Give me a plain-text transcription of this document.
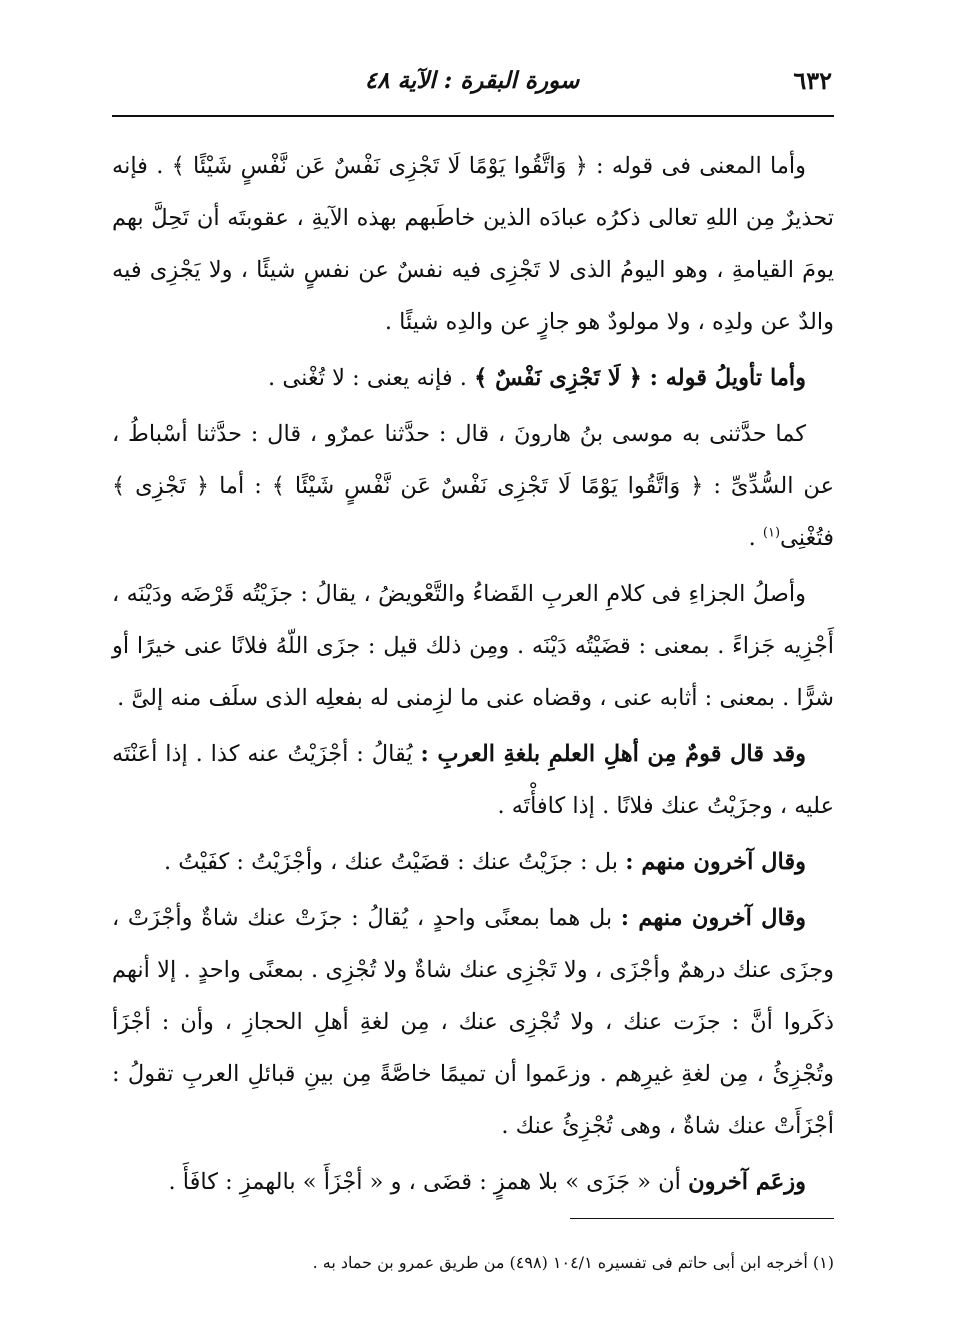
٦٣٢
سورة البقرة : الآية ٤٨

وأما المعنى فى قوله : ﴿ وَاتَّقُوا يَوْمًا لَا تَجْزِى نَفْسٌ عَن نَّفْسٍ شَيْئًا ﴾ . فإنه تحذيرٌ مِن اللهِ تعالى ذكرُه عبادَه الذين خاطَبهم بهذه الآيةِ ، عقوبتَه أن تَحِلَّ بهم يومَ القيامةِ ، وهو اليومُ الذى لا تَجْزِى فيه نفسٌ عن نفسٍ شيئًا ، ولا يَجْزِى فيه والدٌ عن ولدِه ، ولا مولودٌ هو جازٍ عن والدِه شيئًا .

وأما تأويلُ قوله : ﴿ لَا تَجْزِى نَفْسٌ ﴾ . فإنه يعنى : لا تُغْنى .

كما حدَّثنى به موسى بنُ هارونَ ، قال : حدَّثنا عمرٌو ، قال : حدَّثنا أسْباطُ ، عن السُّدِّىِّ : ﴿ وَاتَّقُوا يَوْمًا لَا تَجْزِى نَفْسٌ عَن نَّفْسٍ شَيْئًا ﴾ : أما ﴿ تَجْزِى ﴾ فتُغْنِى$^{(١)}$ .

وأصلُ الجزاءِ فى كلامِ العربِ القَضاءُ والتَّعْويضُ ، يقالُ : جزَيْتُه قَرْضَه ودَيْنَه ، أَجْزِيه جَزاءً . بمعنى : قضَيْتُه دَيْنَه . ومِن ذلك قيل : جزَى اللّهُ فلانًا عنى خيرًا أو شرًّا . بمعنى : أثابه عنى ، وقضاه عنى ما لزِمنى له بفعلِه الذى سلَف منه إلىَّ .

وقد قال قومٌ مِن أهلِ العلمِ بلغةِ العربِ : يُقالُ : أجْزَيْتُ عنه كذا . إذا أعَنْتَه عليه ، وجزَيْتُ عنك فلانًا . إذا كافأْتَه .

وقال آخرون منهم : بل : جزَيْتُ عنك : قضَيْتُ عنك ، وأجْزَيْتُ : كفَيْتُ .

وقال آخرون منهم : بل هما بمعنًى واحدٍ ، يُقالُ : جزَتْ عنك شاةٌ وأجْزَتْ ، وجزَى عنك درهمٌ وأجْزَى ، ولا تَجْزِى عنك شاةٌ ولا تُجْزِى . بمعنًى واحدٍ . إلا أنهم ذكَروا أنَّ : جزَت عنك ، ولا تُجْزِى عنك ، مِن لغةِ أهلِ الحجازِ ، وأن : أجْزَأ وتُجْزِئُ ، مِن لغةِ غيرِهم . وزعَموا أن تميمًا خاصَّةً مِن بينِ قبائلِ العربِ تقولُ : أجْزَأَتْ عنك شاةٌ ، وهى تُجْزِئُ عنك .

وزعَم آخرون أن « جَزَى » بلا همزٍ : قضَى ، و « أجْزَأَ » بالهمزِ : كافَأَ .

(١) أخرجه ابن أبى حاتم فى تفسيره ١٠٤/١ (٤٩٨) من طريق عمرو بن حماد به .
